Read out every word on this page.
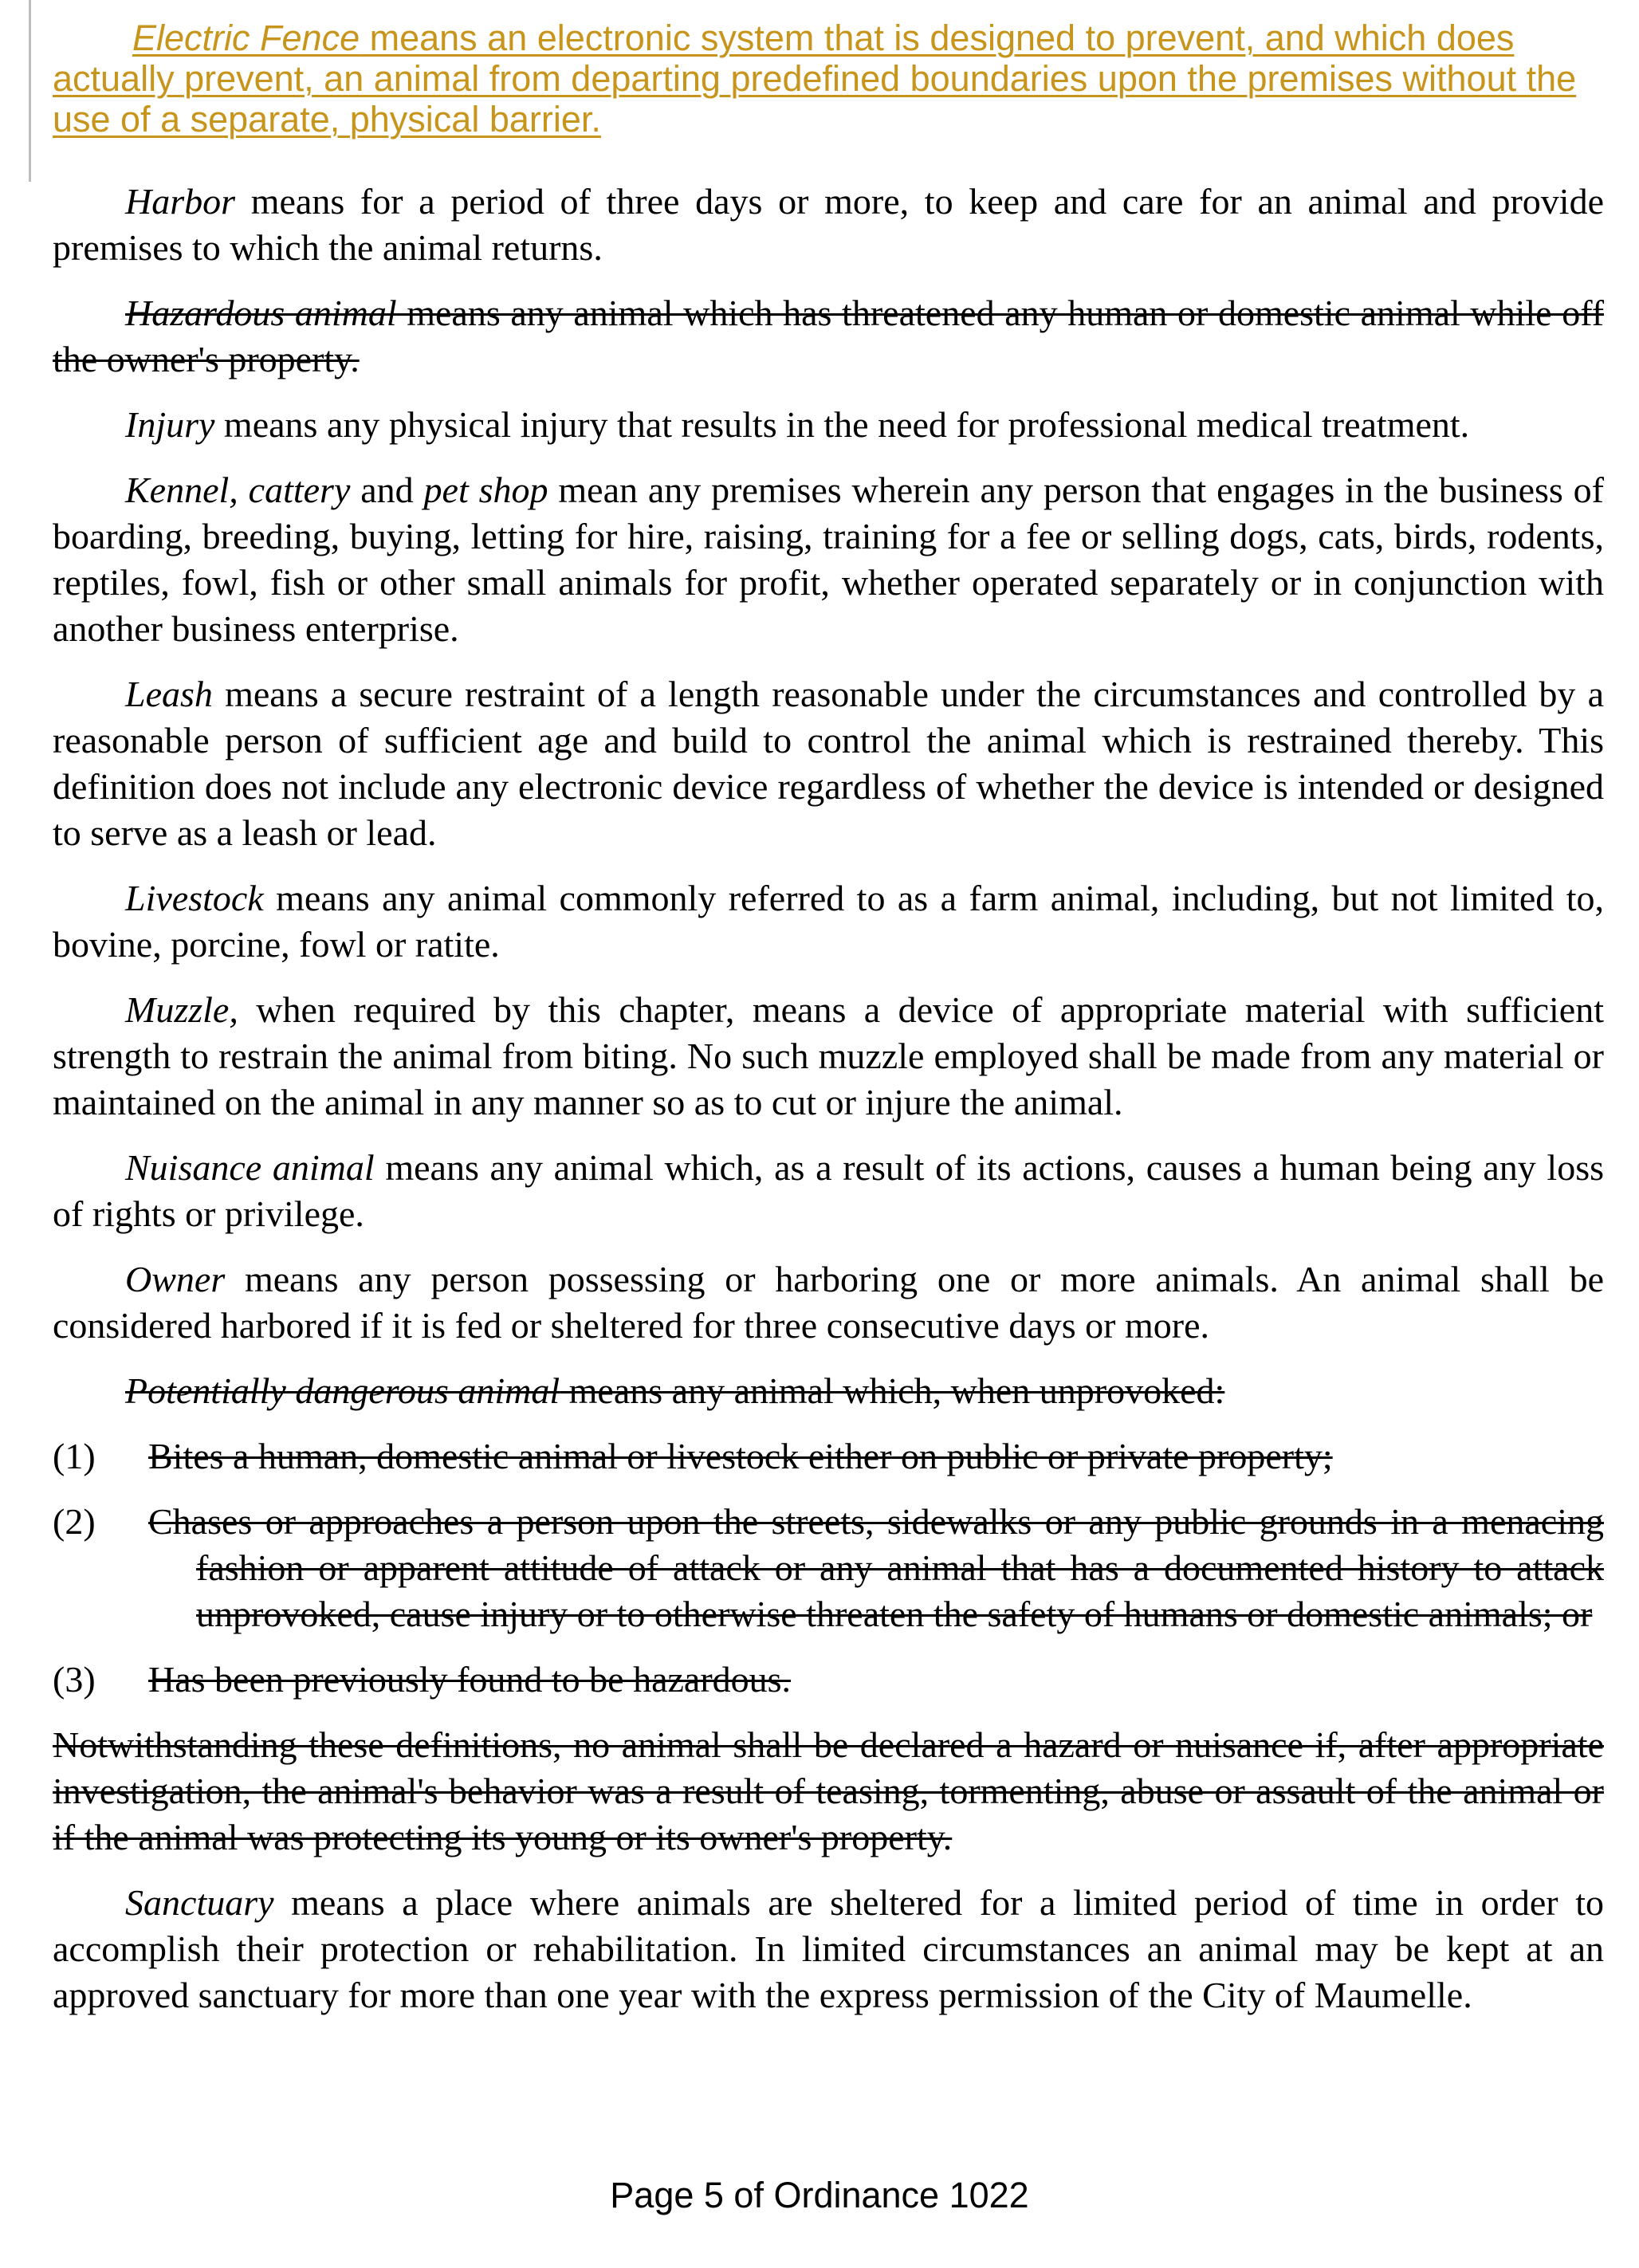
Electric Fence means an electronic system that is designed to prevent, and which does actually prevent, an animal from departing predefined boundaries upon the premises without the use of a separate, physical barrier.

Harbor means for a period of three days or more, to keep and care for an animal and provide premises to which the animal returns.

Hazardous animal means any animal which has threatened any human or domestic animal while off the owner's property.

Injury means any physical injury that results in the need for professional medical treatment.

Kennel, cattery and pet shop mean any premises wherein any person that engages in the business of boarding, breeding, buying, letting for hire, raising, training for a fee or selling dogs, cats, birds, rodents, reptiles, fowl, fish or other small animals for profit, whether operated separately or in conjunction with another business enterprise.

Leash means a secure restraint of a length reasonable under the circumstances and controlled by a reasonable person of sufficient age and build to control the animal which is restrained thereby. This definition does not include any electronic device regardless of whether the device is intended or designed to serve as a leash or lead.

Livestock means any animal commonly referred to as a farm animal, including, but not limited to, bovine, porcine, fowl or ratite.

Muzzle, when required by this chapter, means a device of appropriate material with sufficient strength to restrain the animal from biting. No such muzzle employed shall be made from any material or maintained on the animal in any manner so as to cut or injure the animal.

Nuisance animal means any animal which, as a result of its actions, causes a human being any loss of rights or privilege.

Owner means any person possessing or harboring one or more animals. An animal shall be considered harbored if it is fed or sheltered for three consecutive days or more.

Potentially dangerous animal means any animal which, when unprovoked:

(1) Bites a human, domestic animal or livestock either on public or private property;
(2) Chases or approaches a person upon the streets, sidewalks or any public grounds in a menacing fashion or apparent attitude of attack or any animal that has a documented history to attack unprovoked, cause injury or to otherwise threaten the safety of humans or domestic animals; or
(3) Has been previously found to be hazardous.

Notwithstanding these definitions, no animal shall be declared a hazard or nuisance if, after appropriate investigation, the animal's behavior was a result of teasing, tormenting, abuse or assault of the animal or if the animal was protecting its young or its owner's property.

Sanctuary means a place where animals are sheltered for a limited period of time in order to accomplish their protection or rehabilitation. In limited circumstances an animal may be kept at an approved sanctuary for more than one year with the express permission of the City of Maumelle.

Page 5 of Ordinance 1022
